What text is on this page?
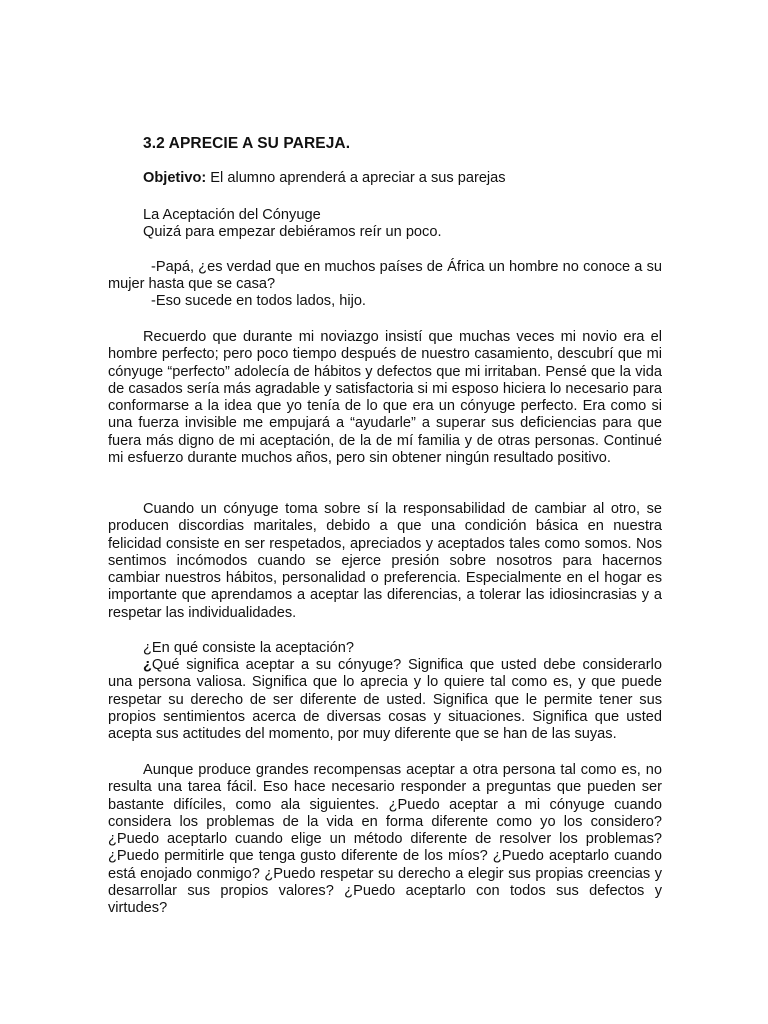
3.2 APRECIE A SU PAREJA.

Objetivo: El alumno aprenderá a apreciar a sus parejas

La Aceptación del Cónyuge

Quizá para empezar debiéramos reír un poco.

-Papá, ¿es verdad que en muchos países de África un hombre no conoce a su mujer hasta que se casa?

-Eso sucede en todos lados, hijo.

Recuerdo que durante mi noviazgo insistí que muchas veces mi novio era el hombre perfecto; pero poco tiempo después de nuestro casamiento, descubrí que mi cónyuge “perfecto” adolecía de hábitos y defectos que mi irritaban. Pensé que la vida de casados sería más agradable y satisfactoria si mi esposo hiciera lo necesario para conformarse a la idea que yo tenía de lo que era un cónyuge perfecto. Era como si una fuerza invisible me empujará a “ayudarle” a superar sus deficiencias para que fuera más digno de mi aceptación, de la de mí familia y de otras personas. Continué mi esfuerzo durante muchos años, pero sin obtener ningún resultado positivo.

Cuando un cónyuge toma sobre sí la responsabilidad de cambiar al otro, se producen discordias maritales, debido a que una condición básica en nuestra felicidad consiste en ser respetados, apreciados y aceptados tales como somos. Nos sentimos incómodos cuando se ejerce presión sobre nosotros para hacernos cambiar nuestros hábitos, personalidad o preferencia. Especialmente en el hogar es importante que aprendamos a aceptar las diferencias, a tolerar las idiosincrasias y a respetar las individualidades.

¿En qué consiste la aceptación?

¿Qué significa aceptar a su cónyuge? Significa que usted debe considerarlo una persona valiosa. Significa que lo aprecia y lo quiere tal como es, y que puede respetar su derecho de ser diferente de usted. Significa que le permite tener sus propios sentimientos acerca de diversas cosas y situaciones. Significa que usted acepta sus actitudes del momento, por muy diferente que se han de las suyas.

Aunque produce grandes recompensas aceptar a otra persona tal como es, no resulta una tarea fácil. Eso hace necesario responder a preguntas que pueden ser bastante difíciles, como ala siguientes. ¿Puedo aceptar a mi cónyuge cuando considera los problemas de la vida en forma diferente como yo los considero? ¿Puedo aceptarlo cuando elige un método diferente de resolver los problemas? ¿Puedo permitirle que tenga gusto diferente de los míos? ¿Puedo aceptarlo cuando está enojado conmigo? ¿Puedo respetar su derecho a elegir sus propias creencias y desarrollar sus propios valores? ¿Puedo aceptarlo con todos sus defectos y virtudes?
